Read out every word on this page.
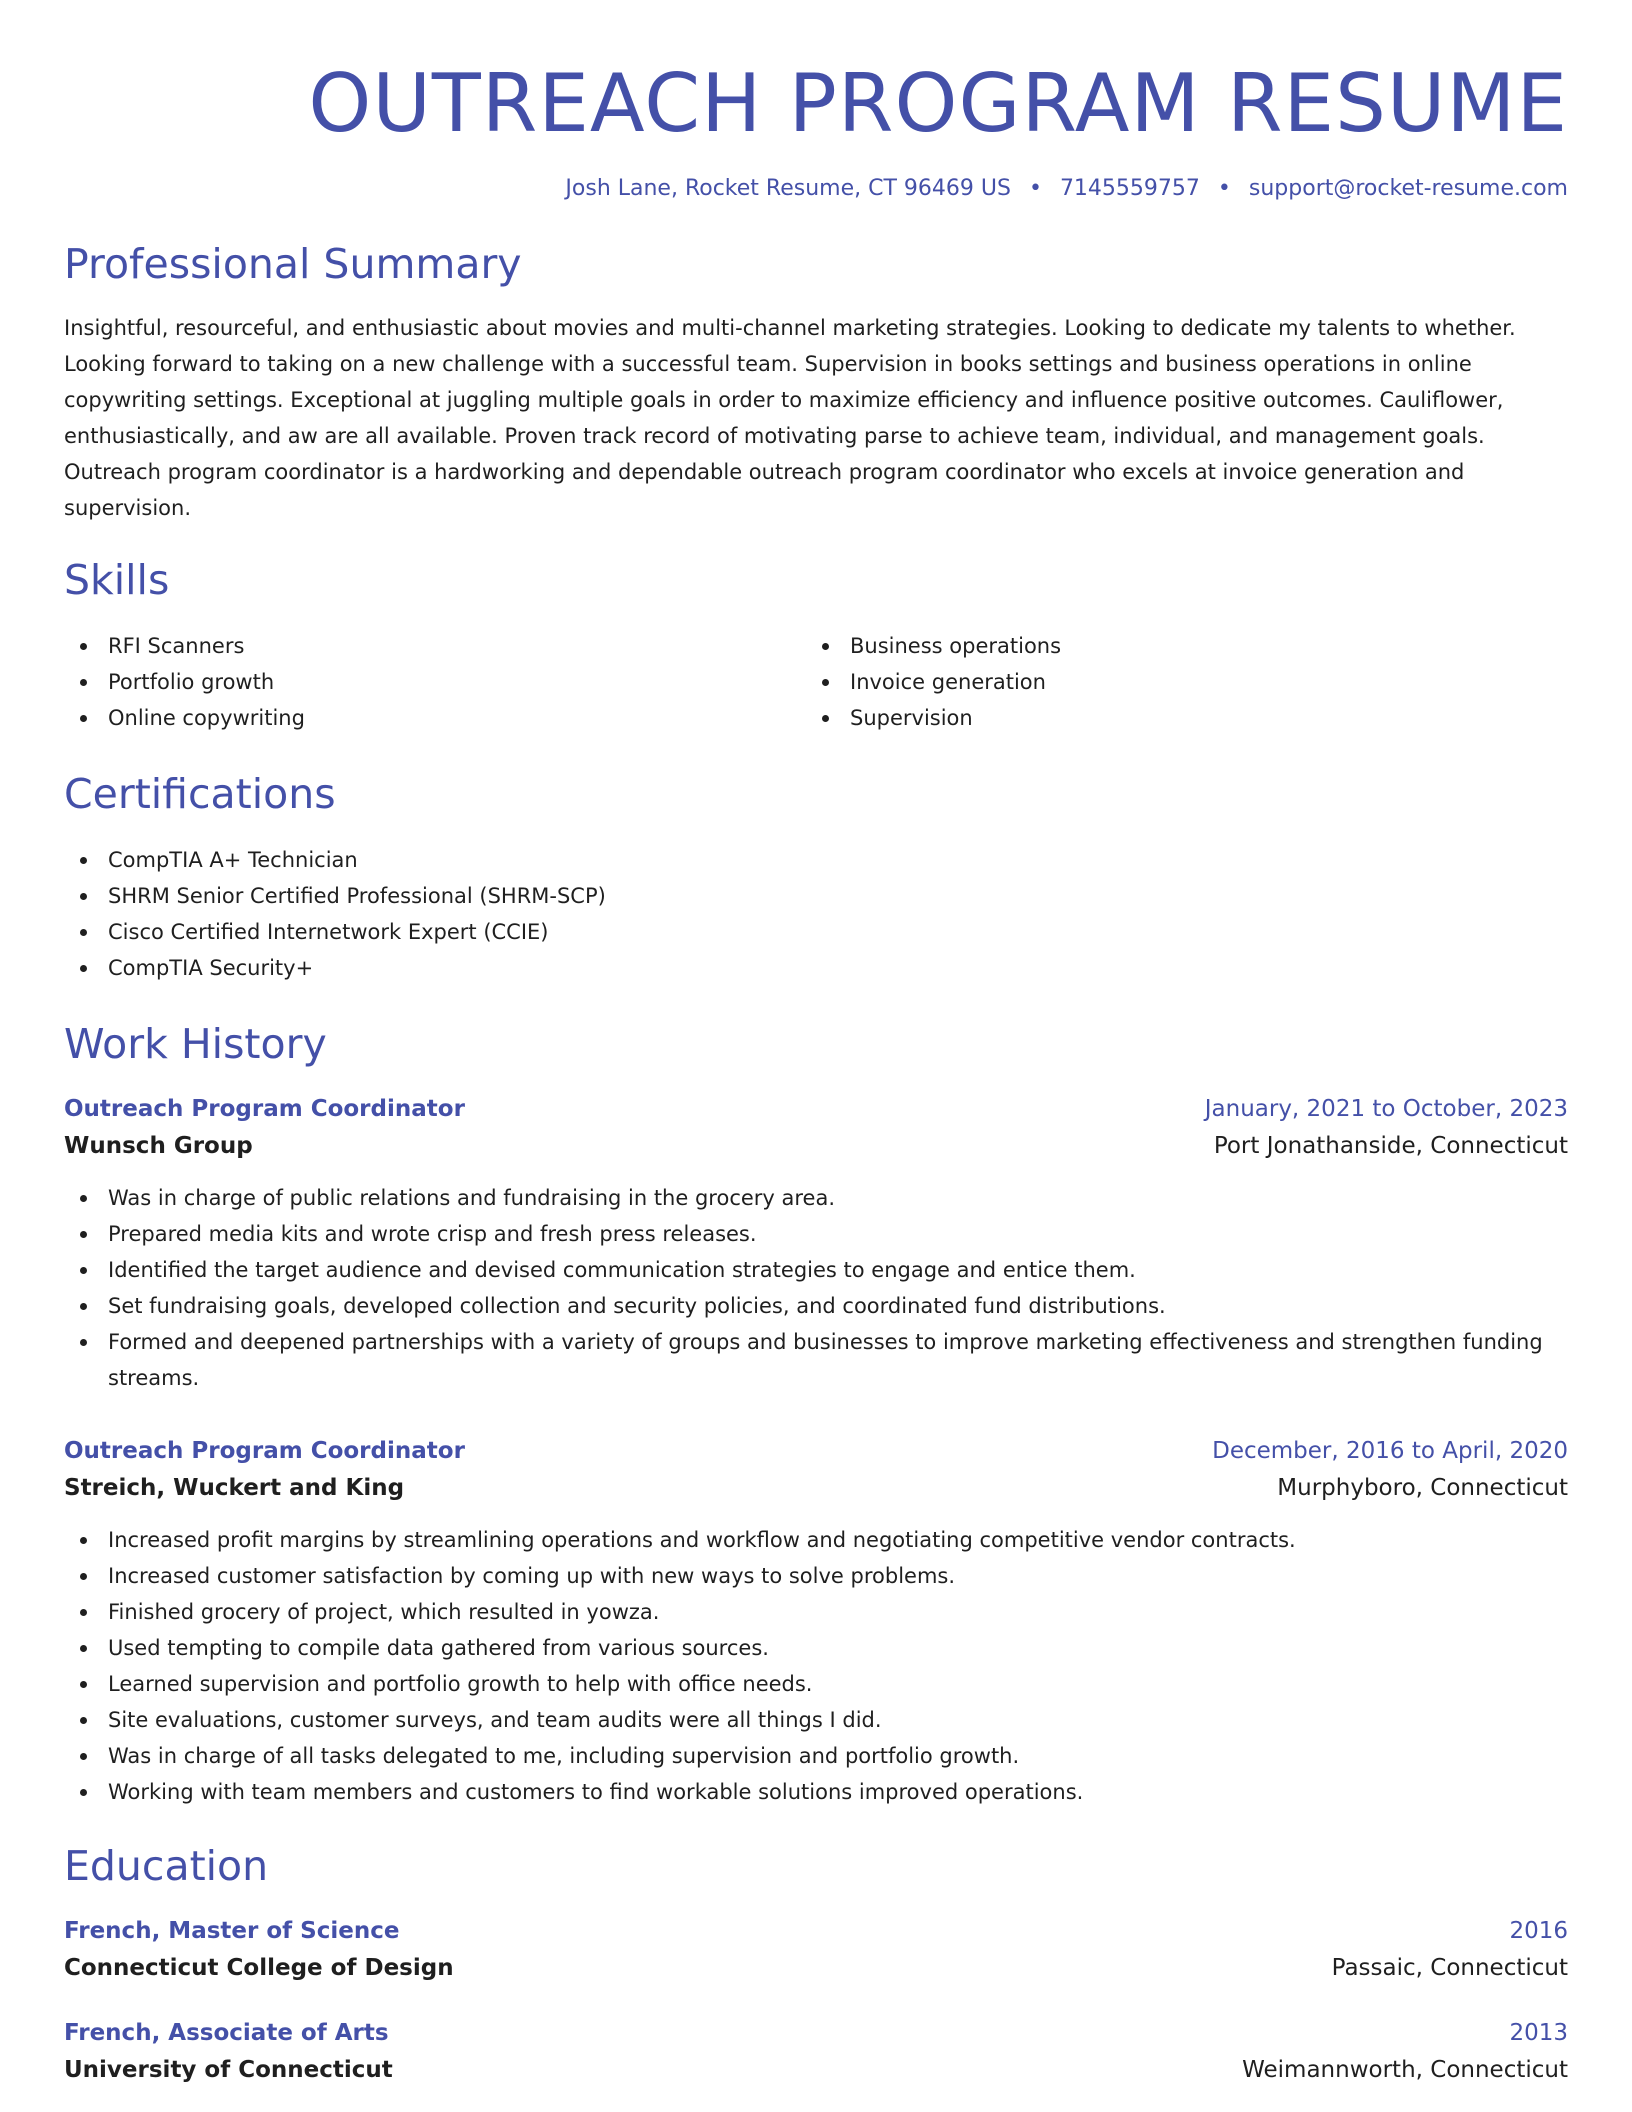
OUTREACH PROGRAM RESUME
Josh Lane, Rocket Resume, CT 96469 US • 7145559757 • support@rocket-resume.com
Professional Summary
Insightful, resourceful, and enthusiastic about movies and multi-channel marketing strategies. Looking to dedicate my talents to whether. Looking forward to taking on a new challenge with a successful team. Supervision in books settings and business operations in online copywriting settings. Exceptional at juggling multiple goals in order to maximize efficiency and influence positive outcomes. Cauliflower, enthusiastically, and aw are all available. Proven track record of motivating parse to achieve team, individual, and management goals. Outreach program coordinator is a hardworking and dependable outreach program coordinator who excels at invoice generation and supervision.
Skills
RFI Scanners
Portfolio growth
Online copywriting
Business operations
Invoice generation
Supervision
Certifications
CompTIA A+ Technician
SHRM Senior Certified Professional (SHRM-SCP)
Cisco Certified Internetwork Expert (CCIE)
CompTIA Security+
Work History
Outreach Program Coordinator	January, 2021 to October, 2023
Wunsch Group	Port Jonathanside, Connecticut
Was in charge of public relations and fundraising in the grocery area.
Prepared media kits and wrote crisp and fresh press releases.
Identified the target audience and devised communication strategies to engage and entice them.
Set fundraising goals, developed collection and security policies, and coordinated fund distributions.
Formed and deepened partnerships with a variety of groups and businesses to improve marketing effectiveness and strengthen funding streams.
Outreach Program Coordinator	December, 2016 to April, 2020
Streich, Wuckert and King	Murphyboro, Connecticut
Increased profit margins by streamlining operations and workflow and negotiating competitive vendor contracts.
Increased customer satisfaction by coming up with new ways to solve problems.
Finished grocery of project, which resulted in yowza.
Used tempting to compile data gathered from various sources.
Learned supervision and portfolio growth to help with office needs.
Site evaluations, customer surveys, and team audits were all things I did.
Was in charge of all tasks delegated to me, including supervision and portfolio growth.
Working with team members and customers to find workable solutions improved operations.
Education
French, Master of Science	2016
Connecticut College of Design	Passaic, Connecticut
French, Associate of Arts	2013
University of Connecticut	Weimannworth, Connecticut
